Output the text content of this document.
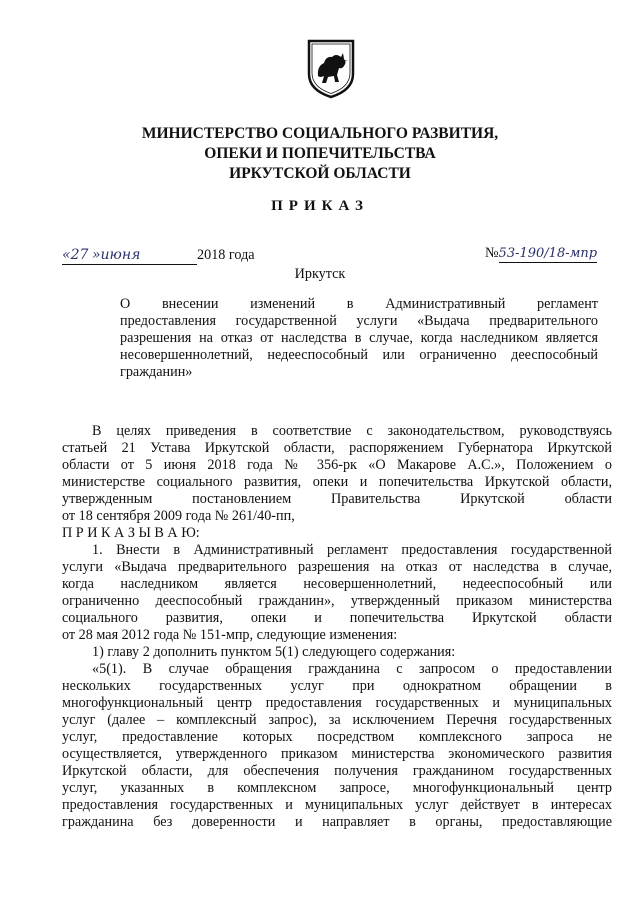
МИНИСТЕРСТВО СОЦИАЛЬНОГО РАЗВИТИЯ,
ОПЕКИ И ПОПЕЧИТЕЛЬСТВА
ИРКУТСКОЙ ОБЛАСТИ
ПРИКАЗ
«27 »июня	2018 года	№53-190/18-мпр
Иркутск
О внесении изменений в Административный регламент
предоставления государственной услуги «Выдача предварительного
разрешения на отказ от наследства в случае, когда наследником является
несовершеннолетний, недееспособный или ограниченно дееспособный
гражданин»
В целях приведения в соответствие с законодательством, руководствуясь
статьей 21 Устава Иркутской области, распоряжением Губернатора Иркутской
области от 5 июня 2018 года № 356-рк «О Макарове А.С.», Положением о
министерстве социального развития, опеки и попечительства Иркутской области,
утвержденным постановлением Правительства Иркутской области
от 18 сентября 2009 года № 261/40-пп,
П Р И К А З Ы В А Ю:
1. Внести в Административный регламент предоставления государственной
услуги «Выдача предварительного разрешения на отказ от наследства в случае,
когда наследником является несовершеннолетний, недееспособный или
ограниченно дееспособный гражданин», утвержденный приказом министерства
социального развития, опеки и попечительства Иркутской области
от 28 мая 2012 года № 151-мпр, следующие изменения:
1) главу 2 дополнить пунктом 5(1) следующего содержания:
«5(1). В случае обращения гражданина с запросом о предоставлении
нескольких государственных услуг при однократном обращении в
многофункциональный центр предоставления государственных и муниципальных
услуг (далее – комплексный запрос), за исключением Перечня государственных
услуг, предоставление которых посредством комплексного запроса не
осуществляется, утвержденного приказом министерства экономического развития
Иркутской области, для обеспечения получения гражданином государственных
услуг, указанных в комплексном запросе, многофункциональный центр
предоставления государственных и муниципальных услуг действует в интересах
гражданина без доверенности и направляет в органы, предоставляющие
